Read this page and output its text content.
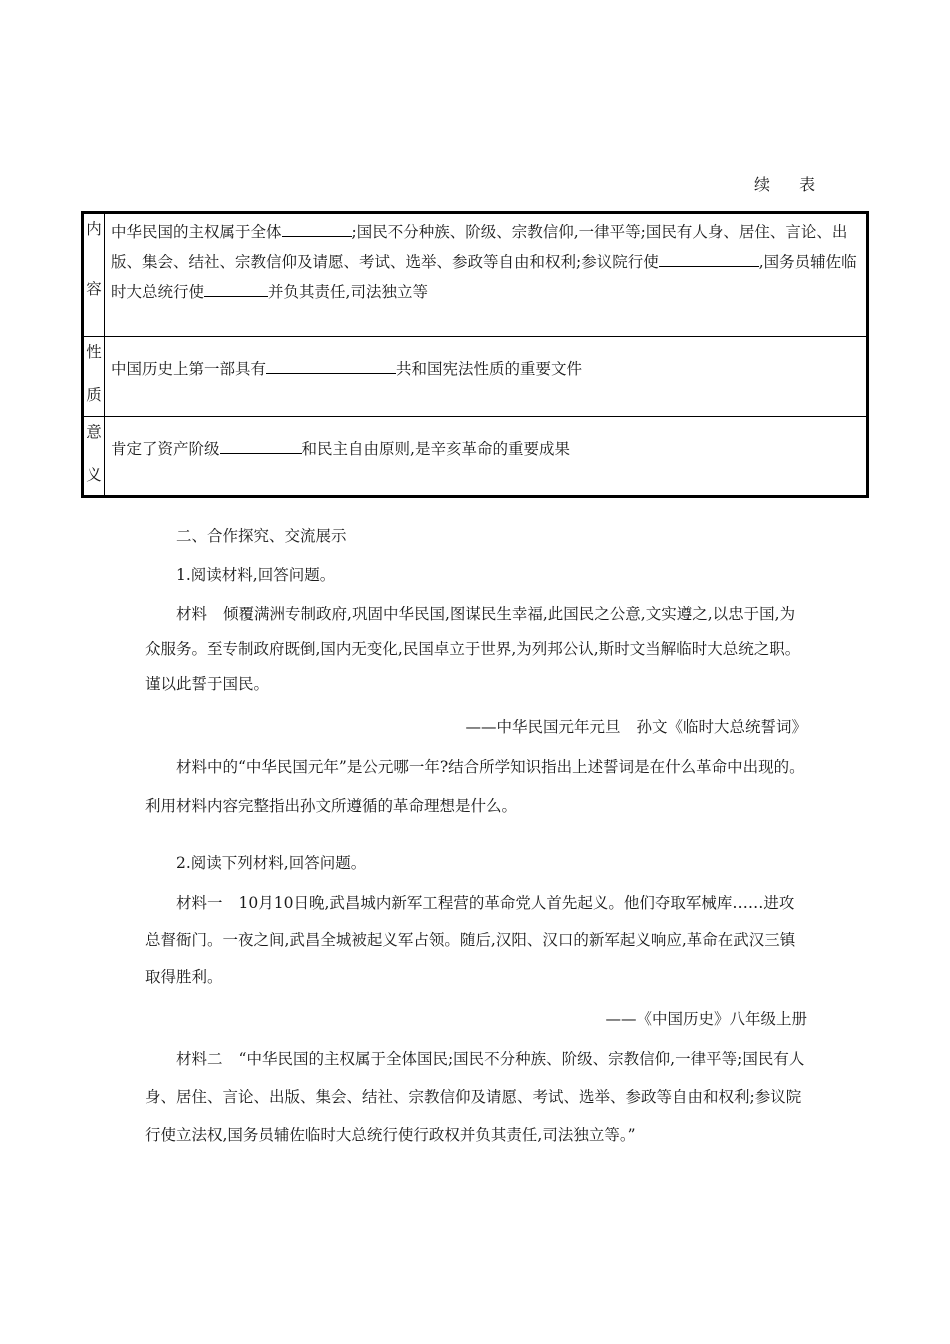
续 表
内
容	中华民国的主权属于全体 ;国民不分种族、阶级、宗教信仰,一律平等;国民有人身、居住、言论、出版、集会、结社、宗教信仰及请愿、考试、选举、参政等自由和权利;参议院行使 ,国务员辅佐临时大总统行使 并负其责任,司法独立等

性
质	中国历史上第一部具有 共和国宪法性质的重要文件

意
义	肯定了资产阶级 和民主自由原则,是辛亥革命的重要成果

二、合作探究、交流展示

1.阅读材料,回答问题。

材料 倾覆满洲专制政府,巩固中华民国,图谋民生幸福,此国民之公意,文实遵之,以忠于国,为众服务。至专制政府既倒,国内无变化,民国卓立于世界,为列邦公认,斯时文当解临时大总统之职。谨以此誓于国民。

——中华民国元年元旦 孙文《临时大总统誓词》

材料中的“中华民国元年”是公元哪一年?结合所学知识指出上述誓词是在什么革命中出现的。利用材料内容完整指出孙文所遵循的革命理想是什么。

2.阅读下列材料,回答问题。

材料一 10月10日晚,武昌城内新军工程营的革命党人首先起义。他们夺取军械库……进攻总督衙门。一夜之间,武昌全城被起义军占领。随后,汉阳、汉口的新军起义响应,革命在武汉三镇取得胜利。

——《中国历史》八年级上册

材料二 “中华民国的主权属于全体国民;国民不分种族、阶级、宗教信仰,一律平等;国民有人身、居住、言论、出版、集会、结社、宗教信仰及请愿、考试、选举、参政等自由和权利;参议院行使立法权,国务员辅佐临时大总统行使行政权并负其责任,司法独立等。”
